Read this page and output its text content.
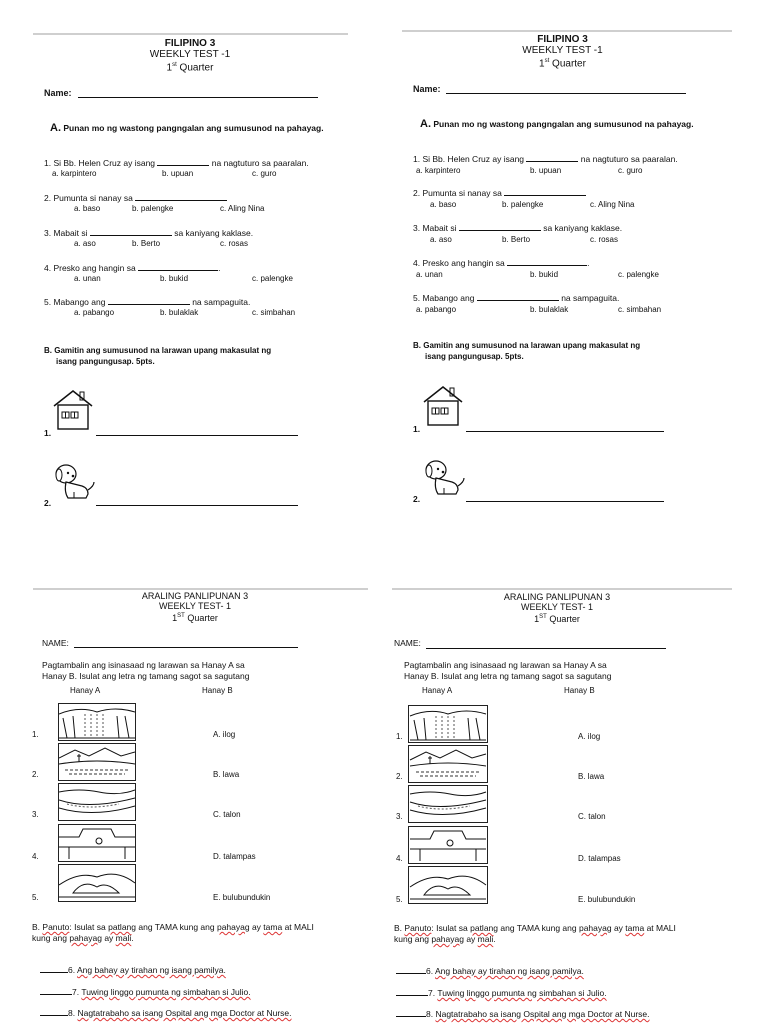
FILIPINO 3
WEEKLY TEST -1
1st Quarter
Name:
A. Punan mo ng wastong pangngalan ang sumusunod na pahayag.
1. Si Bb. Helen Cruz ay isang	na nagtuturo sa paaralan.
a. karpintero	b. upuan	c. guro
2. Pumunta si nanay sa
a. baso	b. palengke	c. Aling Nina
3. Mabait si	sa kaniyang kaklase.
a. aso	b. Berto	c. rosas
4. Presko ang hangin sa	.
a. unan	b. bukid	c. palengke
5. Mabango ang	na sampaguita.
a. pabango	b. bulaklak	c. simbahan
B. Gamitin ang sumusunod na larawan upang makasulat ng
isang pangungusap. 5pts.
1.
2.
FILIPINO 3
WEEKLY TEST -1
1st Quarter
Name:
A. Punan mo ng wastong pangngalan ang sumusunod na pahayag.
1. Si Bb. Helen Cruz ay isang	na nagtuturo sa paaralan.
a. karpintero	b. upuan	c. guro
2. Pumunta si nanay sa
a. baso	b. palengke	c. Aling Nina
3. Mabait si	sa kaniyang kaklase.
a. aso	b. Berto	c. rosas
4. Presko ang hangin sa	.
a. unan	b. bukid	c. palengke
5. Mabango ang	na sampaguita.
a. pabango	b. bulaklak	c. simbahan
B. Gamitin ang sumusunod na larawan upang makasulat ng
isang pangungusap. 5pts.
1.
2.
ARALING PANLIPUNAN 3
WEEKLY TEST- 1
1ST Quarter
NAME:
Pagtambalin ang isinasaad ng larawan sa Hanay A sa
Hanay B. Isulat ang letra ng tamang sagot sa sagutang
Hanay A	Hanay B
1.	A. ilog
2.	B. lawa
3.	C. talon
4.	D. talampas
5.	E. bulubundukin
B. Panuto: Isulat sa patlang ang TAMA kung ang pahayag ay tama at MALI
kung ang pahayag ay mali.
6. Ang bahay ay tirahan ng isang pamilya.
7. Tuwing linggo pumunta ng simbahan si Julio.
8. Nagtatrabaho sa isang Ospital ang mga Doctor at Nurse.
ARALING PANLIPUNAN 3
WEEKLY TEST- 1
1ST Quarter
NAME:
Pagtambalin ang isinasaad ng larawan sa Hanay A sa
Hanay B. Isulat ang letra ng tamang sagot sa sagutang
Hanay A	Hanay B
1.	A. ilog
2.	B. lawa
3.	C. talon
4.	D. talampas
5.	E. bulubundukin
B. Panuto: Isulat sa patlang ang TAMA kung ang pahayag ay tama at MALI
kung ang pahayag ay mali.
6. Ang bahay ay tirahan ng isang pamilya.
7. Tuwing linggo pumunta ng simbahan si Julio.
8. Nagtatrabaho sa isang Ospital ang mga Doctor at Nurse.
